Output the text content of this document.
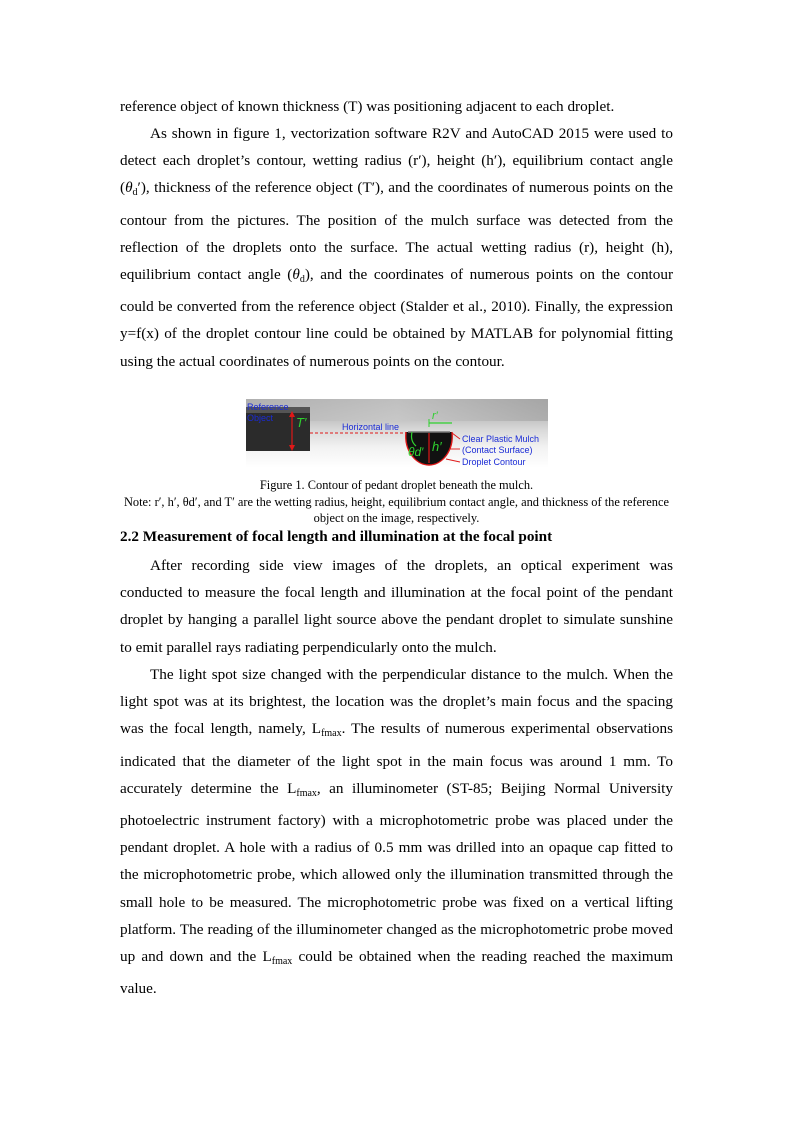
reference object of known thickness (T) was positioning adjacent to each droplet.

As shown in figure 1, vectorization software R2V and AutoCAD 2015 were used to detect each droplet’s contour, wetting radius (r′), height (h′), equilibrium contact angle $(\theta_d')$, thickness of the reference object (T′), and the coordinates of numerous points on the contour from the pictures. The position of the mulch surface was detected from the reflection of the droplets onto the surface. The actual wetting radius (r), height (h), equilibrium contact angle $(\theta_d)$, and the coordinates of numerous points on the contour could be converted from the reference object (Stalder et al., 2010). Finally, the expression y=f(x) of the droplet contour line could be obtained by MATLAB for polynomial fitting using the actual coordinates of numerous points on the contour.

Reference
Object T′	Horizontal line
r′
θd′ h′ Clear Plastic Mulch
(Contact Surface)
Droplet Contour

Figure 1. Contour of pedant droplet beneath the mulch.

Note: r′, h′, θd′, and T′ are the wetting radius, height, equilibrium contact angle, and thickness of the reference object on the image, respectively.

2.2 Measurement of focal length and illumination at the focal point

After recording side view images of the droplets, an optical experiment was conducted to measure the focal length and illumination at the focal point of the pendant droplet by hanging a parallel light source above the pendant droplet to simulate sunshine to emit parallel rays radiating perpendicularly onto the mulch.

The light spot size changed with the perpendicular distance to the mulch. When the light spot was at its brightest, the location was the droplet’s main focus and the spacing was the focal length, namely, $L_{fmax}$. The results of numerous experimental observations indicated that the diameter of the light spot in the main focus was around 1 mm. To accurately determine the $L_{fmax}$, an illuminometer (ST-85; Beijing Normal University photoelectric instrument factory) with a microphotometric probe was placed under the pendant droplet. A hole with a radius of 0.5 mm was drilled into an opaque cap fitted to the microphotometric probe, which allowed only the illumination transmitted through the small hole to be measured. The microphotometric probe was fixed on a vertical lifting platform. The reading of the illuminometer changed as the microphotometric probe moved up and down and the $L_{fmax}$ could be obtained when the reading reached the maximum value.
